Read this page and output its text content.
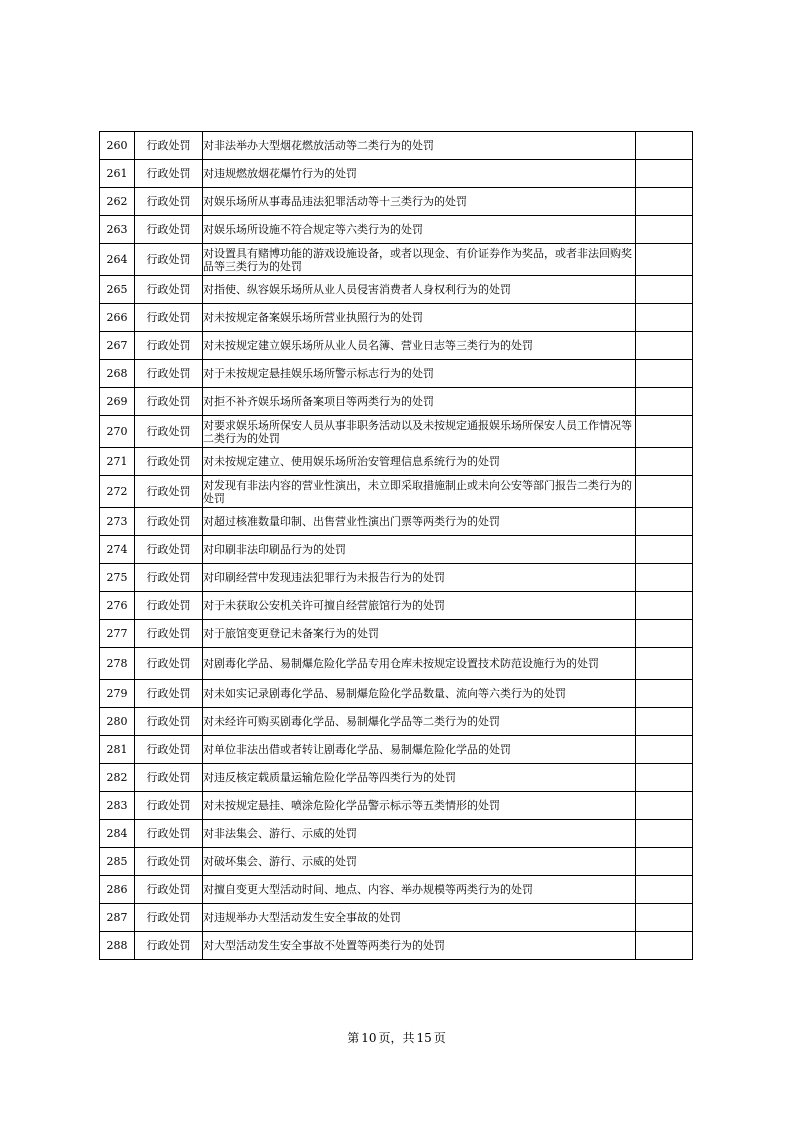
260	行政处罚	对非法举办大型烟花燃放活动等二类行为的处罚	
261	行政处罚	对违规燃放烟花爆竹行为的处罚	
262	行政处罚	对娱乐场所从事毒品违法犯罪活动等十三类行为的处罚	
263	行政处罚	对娱乐场所设施不符合规定等六类行为的处罚	
264	行政处罚	对设置具有赌博功能的游戏设施设备，或者以现金、有价证券作为奖品，或者非法回购奖品等三类行为的处罚	
265	行政处罚	对指使、纵容娱乐场所从业人员侵害消费者人身权利行为的处罚	
266	行政处罚	对未按规定备案娱乐场所营业执照行为的处罚	
267	行政处罚	对未按规定建立娱乐场所从业人员名簿、营业日志等三类行为的处罚	
268	行政处罚	对于未按规定悬挂娱乐场所警示标志行为的处罚	
269	行政处罚	对拒不补齐娱乐场所备案项目等两类行为的处罚	
270	行政处罚	对要求娱乐场所保安人员从事非职务活动以及未按规定通报娱乐场所保安人员工作情况等二类行为的处罚	
271	行政处罚	对未按规定建立、使用娱乐场所治安管理信息系统行为的处罚	
272	行政处罚	对发现有非法内容的营业性演出，未立即采取措施制止或未向公安等部门报告二类行为的处罚	
273	行政处罚	对超过核准数量印制、出售营业性演出门票等两类行为的处罚	
274	行政处罚	对印刷非法印刷品行为的处罚	
275	行政处罚	对印刷经营中发现违法犯罪行为未报告行为的处罚	
276	行政处罚	对于未获取公安机关许可擅自经营旅馆行为的处罚	
277	行政处罚	对于旅馆变更登记未备案行为的处罚	
278	行政处罚	对剧毒化学品、易制爆危险化学品专用仓库未按规定设置技术防范设施行为的处罚	
279	行政处罚	对未如实记录剧毒化学品、易制爆危险化学品数量、流向等六类行为的处罚	
280	行政处罚	对未经许可购买剧毒化学品、易制爆化学品等二类行为的处罚	
281	行政处罚	对单位非法出借或者转让剧毒化学品、易制爆危险化学品的处罚	
282	行政处罚	对违反核定载质量运输危险化学品等四类行为的处罚	
283	行政处罚	对未按规定悬挂、喷涂危险化学品警示标示等五类情形的处罚	
284	行政处罚	对非法集会、游行、示威的处罚	
285	行政处罚	对破坏集会、游行、示威的处罚	
286	行政处罚	对擅自变更大型活动时间、地点、内容、举办规模等两类行为的处罚	
287	行政处罚	对违规举办大型活动发生安全事故的处罚	
288	行政处罚	对大型活动发生安全事故不处置等两类行为的处罚	
第 10 页，共 15 页
